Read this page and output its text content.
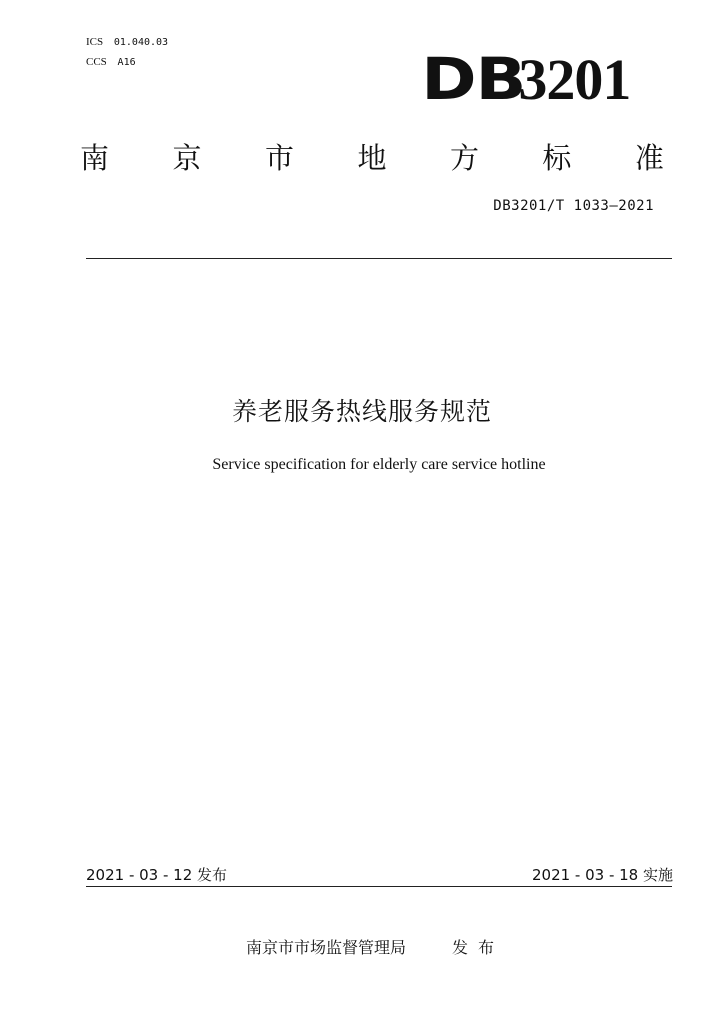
ICS 01.040.03
CCS A16	DB3201
南 京 市 地 方 标 准
DB3201/T 1033—2021
养老服务热线服务规范
Service specification for elderly care service hotline
2021 - 03 - 12 发布	2021 - 03 - 18 实施
南京市市场监督管理局	发布
